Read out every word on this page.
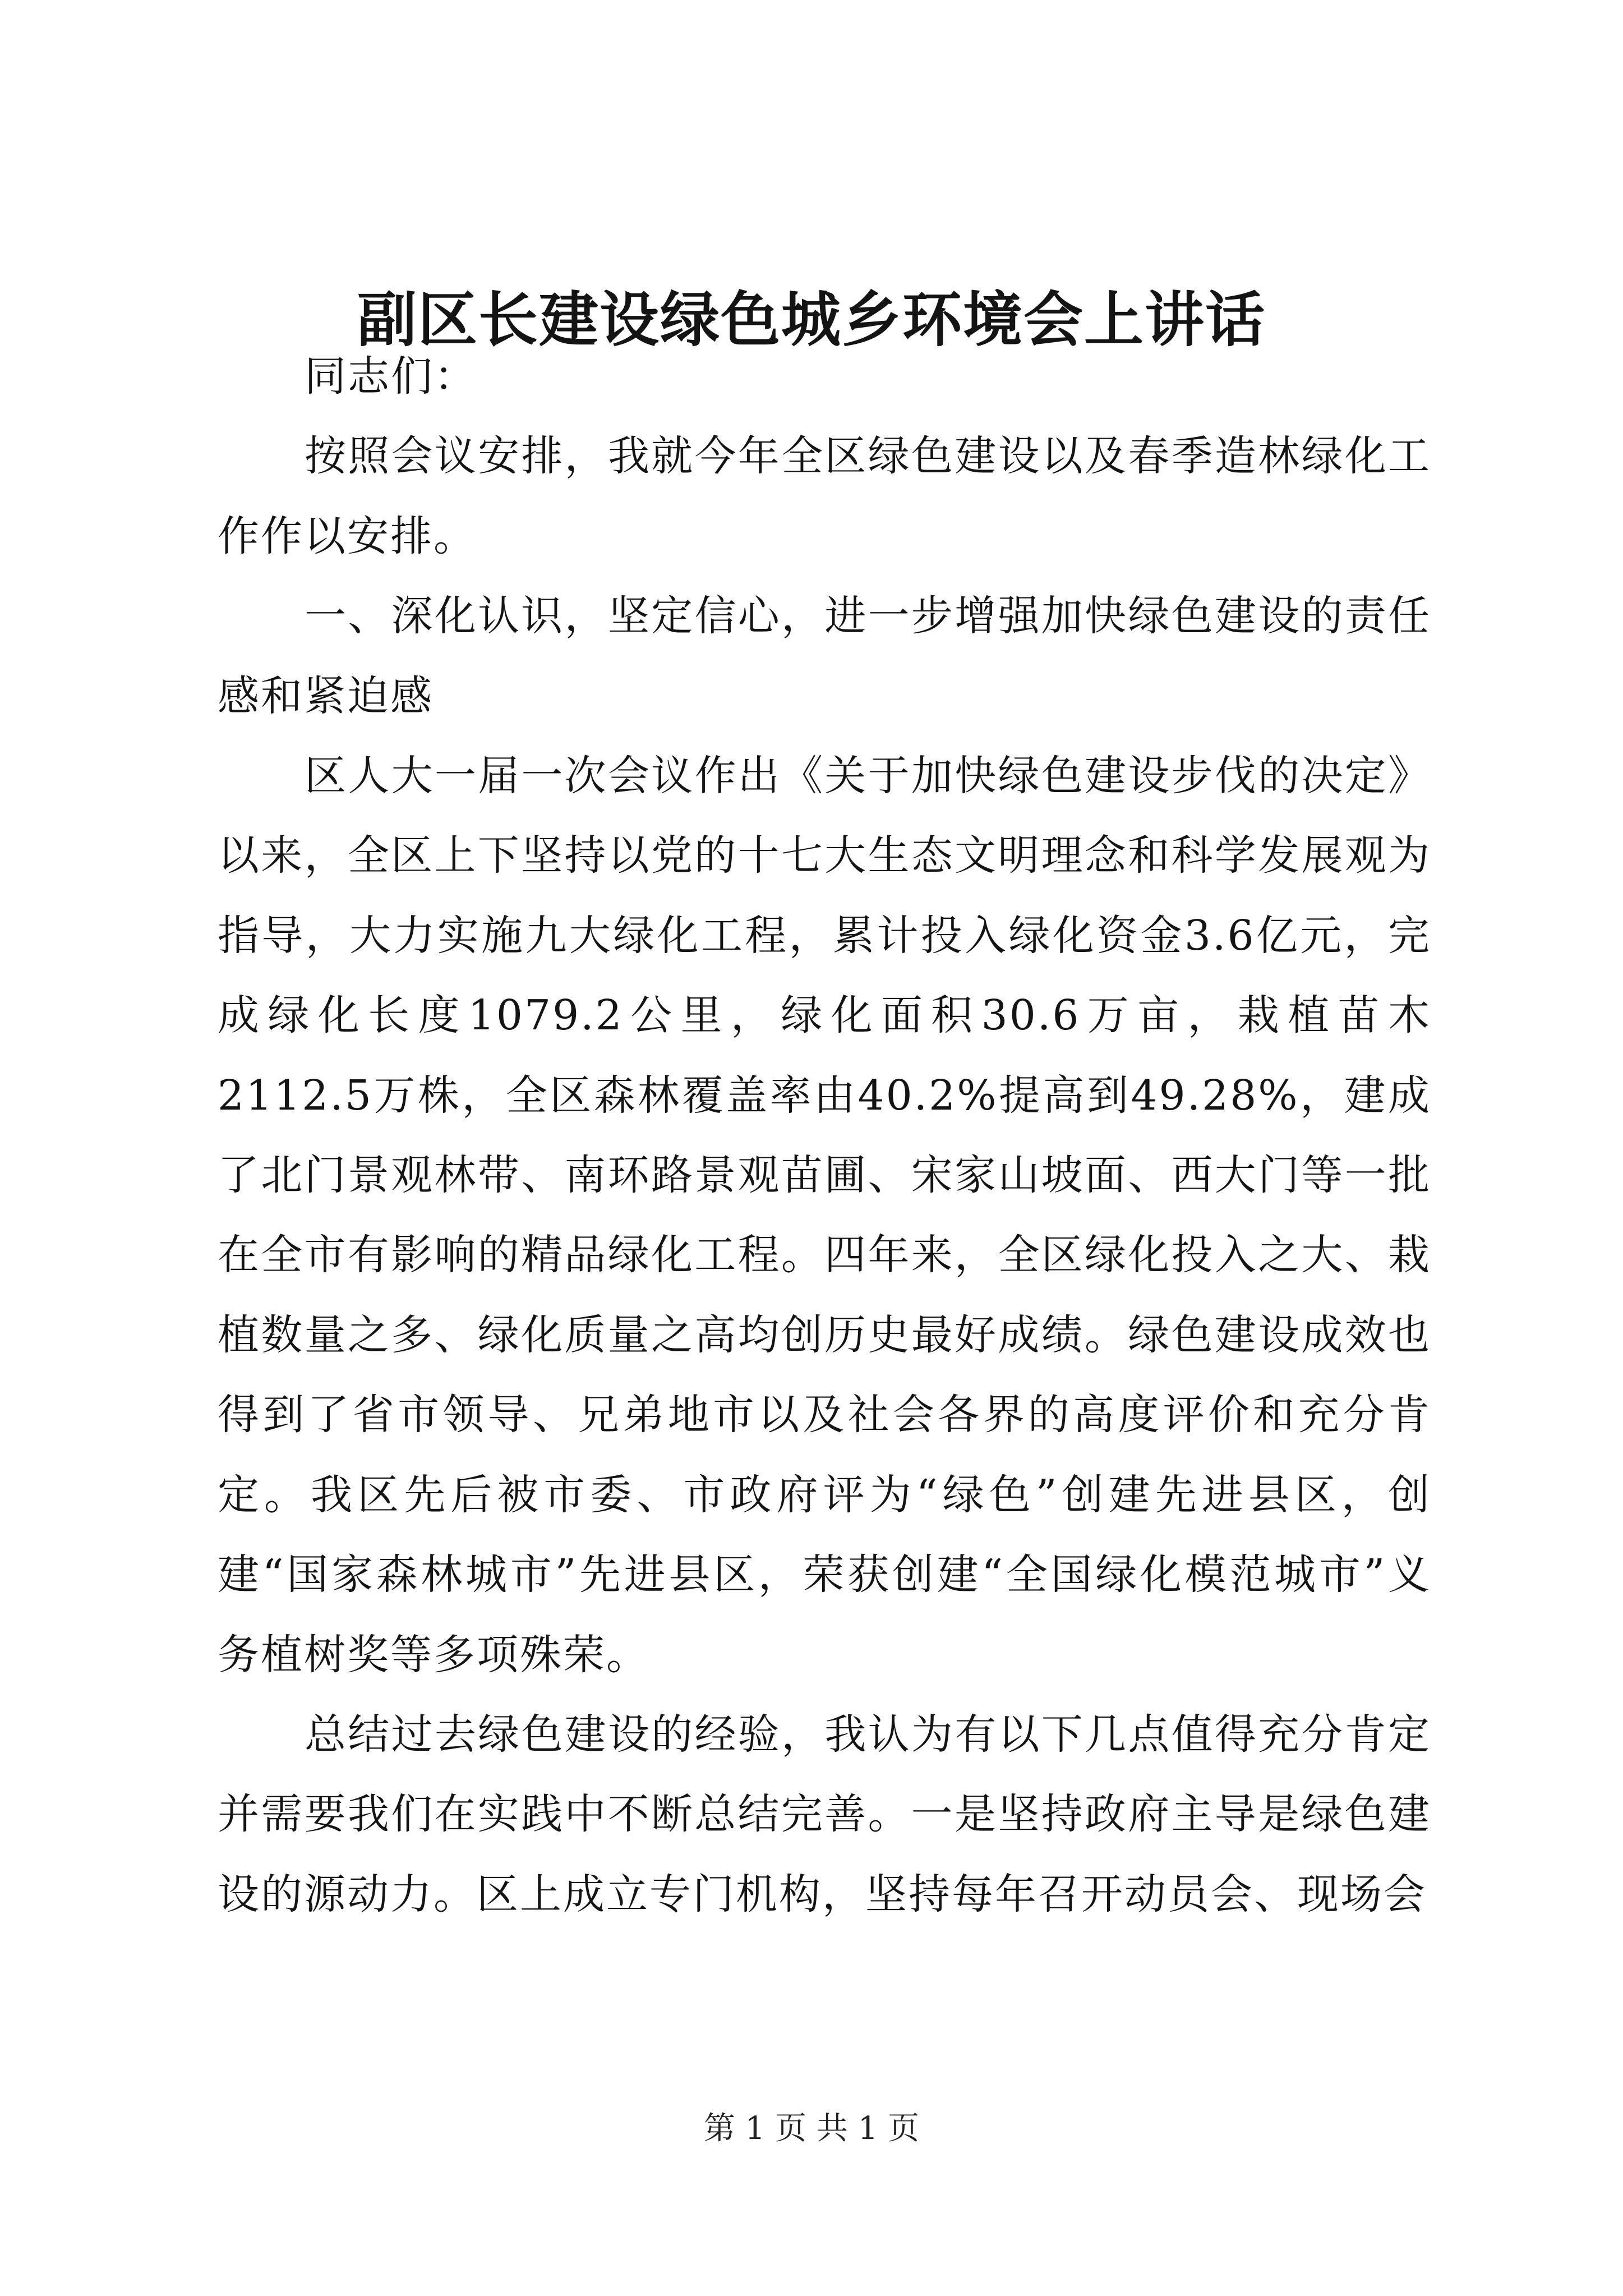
副区长建设绿色城乡环境会上讲话

同志们：

按照会议安排，我就今年全区绿色建设以及春季造林绿化工作作以安排。

一、深化认识，坚定信心，进一步增强加快绿色建设的责任感和紧迫感

区人大一届一次会议作出《关于加快绿色建设步伐的决定》以来，全区上下坚持以党的十七大生态文明理念和科学发展观为指导，大力实施九大绿化工程，累计投入绿化资金3.6亿元，完成绿化长度1079.2公里，绿化面积30.6万亩，栽植苗木2112.5万株，全区森林覆盖率由40.2%提高到49.28%，建成了北门景观林带、南环路景观苗圃、宋家山坡面、西大门等一批在全市有影响的精品绿化工程。四年来，全区绿化投入之大、栽植数量之多、绿化质量之高均创历史最好成绩。绿色建设成效也得到了省市领导、兄弟地市以及社会各界的高度评价和充分肯定。我区先后被市委、市政府评为“绿色”创建先进县区，创建“国家森林城市”先进县区，荣获创建“全国绿化模范城市”义务植树奖等多项殊荣。

总结过去绿色建设的经验，我认为有以下几点值得充分肯定并需要我们在实践中不断总结完善。一是坚持政府主导是绿色建设的源动力。区上成立专门机构，坚持每年召开动员会、现场会

第 1 页 共 1 页
